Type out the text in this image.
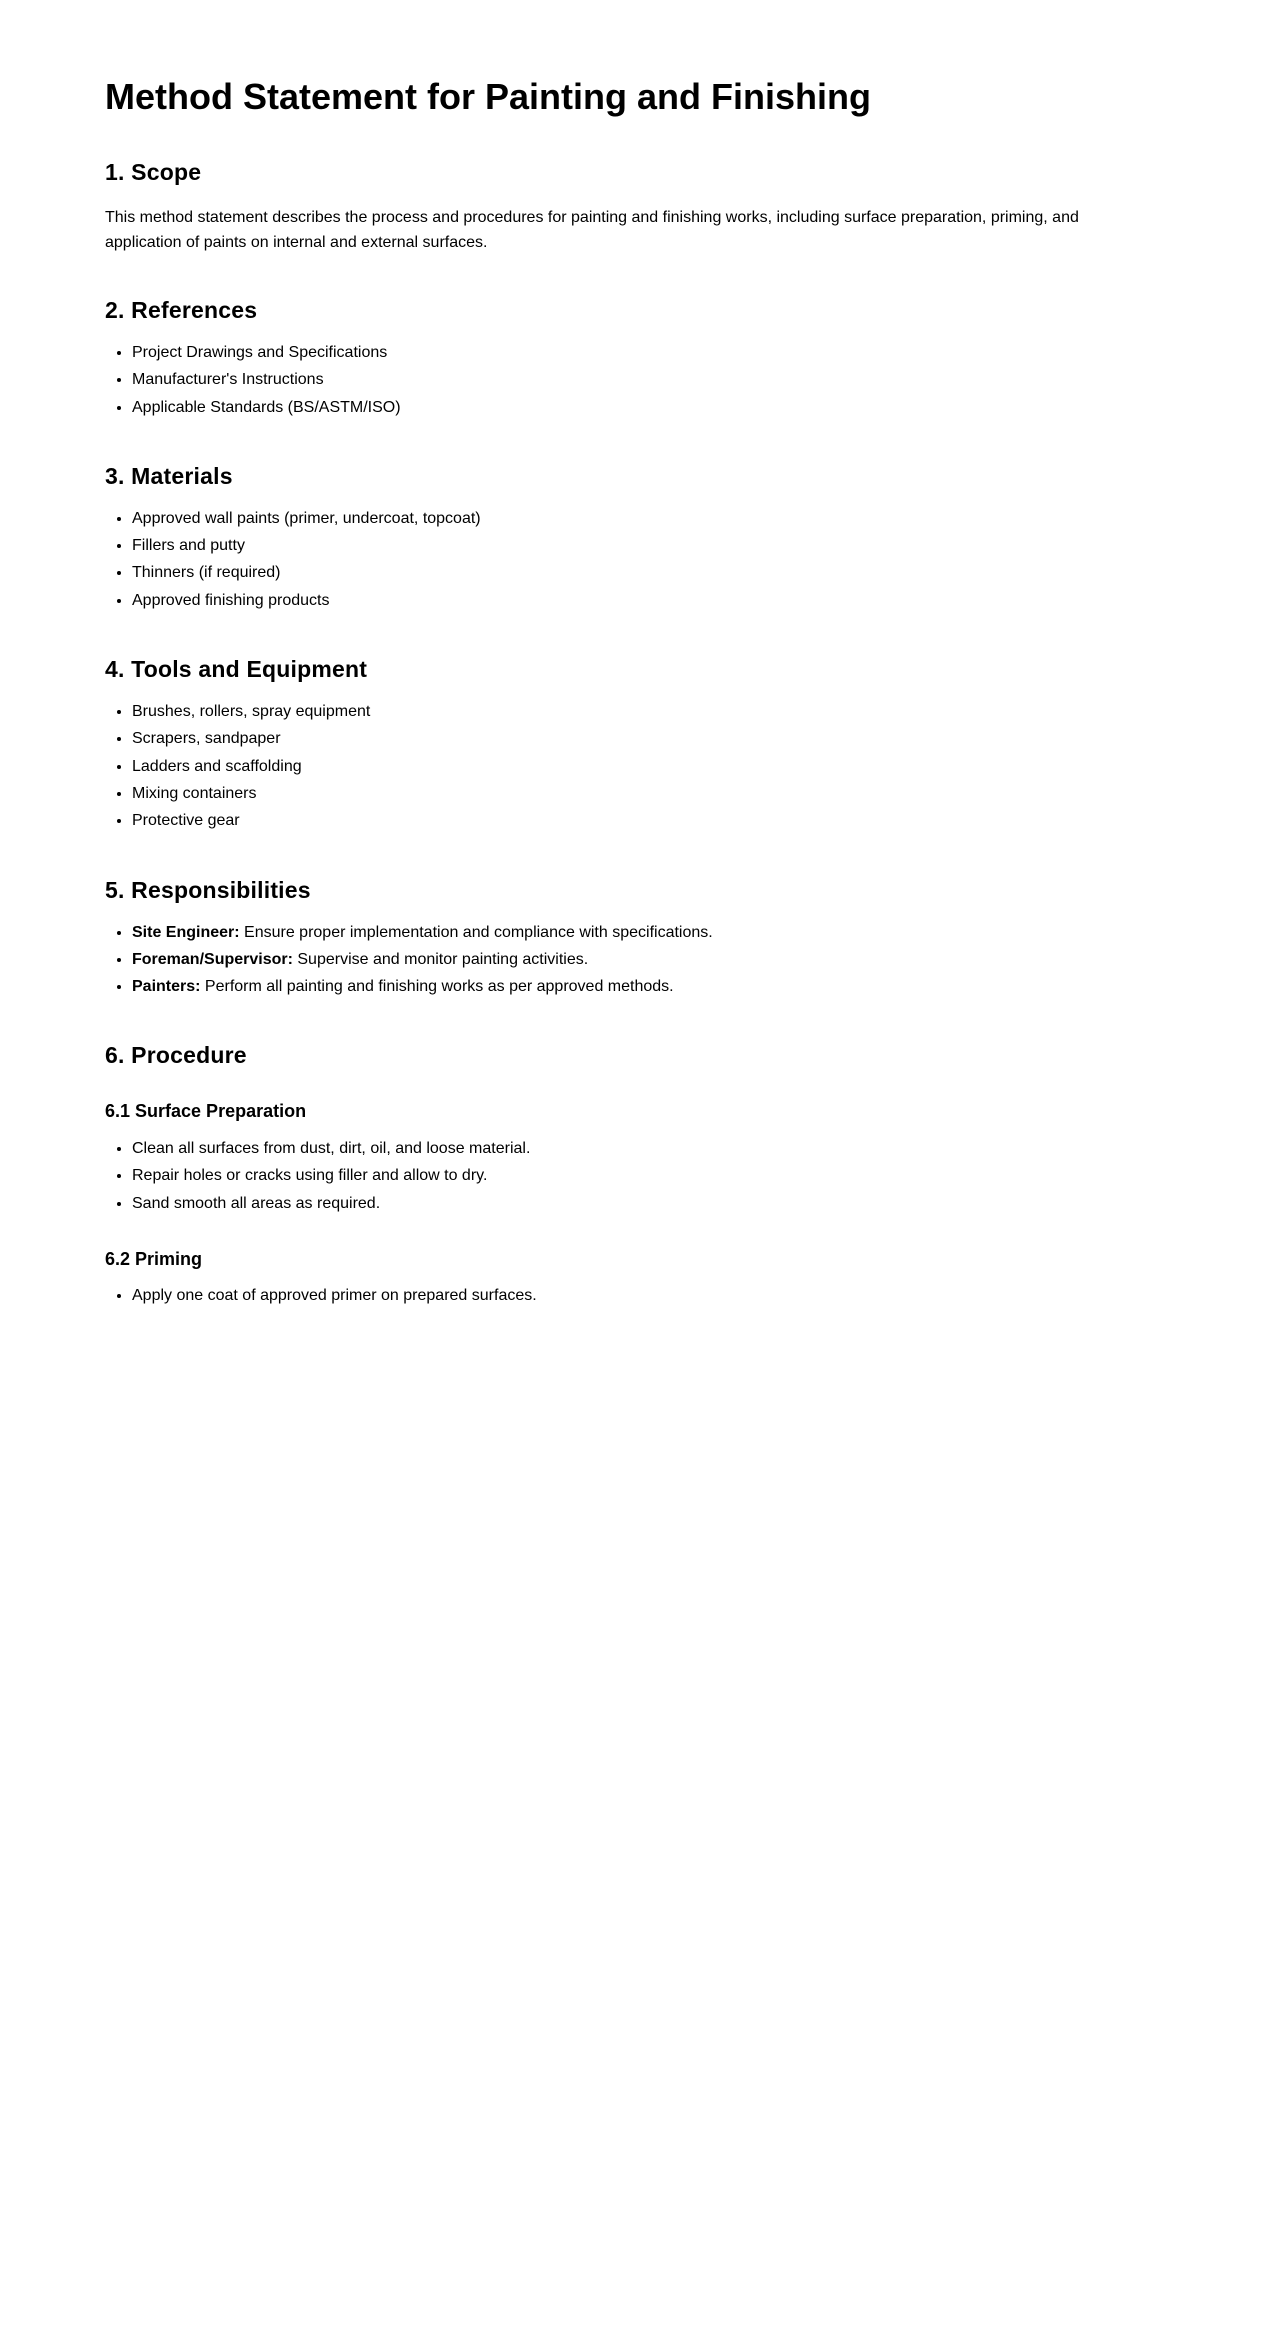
Method Statement for Painting and Finishing
1. Scope

This method statement describes the process and procedures for painting and finishing works, including surface preparation, priming, and application of paints on internal and external surfaces.

2. References
• Project Drawings and Specifications
• Manufacturer's Instructions
• Applicable Standards (BS/ASTM/ISO)
3. Materials
• Approved wall paints (primer, undercoat, topcoat)
• Fillers and putty
• Thinners (if required)
• Approved finishing products
4. Tools and Equipment
• Brushes, rollers, spray equipment
• Scrapers, sandpaper
• Ladders and scaffolding
• Mixing containers
• Protective gear
5. Responsibilities
• Site Engineer: Ensure proper implementation and compliance with specifications.
• Foreman/Supervisor: Supervise and monitor painting activities.
• Painters: Perform all painting and finishing works as per approved methods.
6. Procedure
6.1 Surface Preparation
• Clean all surfaces from dust, dirt, oil, and loose material.
• Repair holes or cracks using filler and allow to dry.
• Sand smooth all areas as required.
6.2 Priming
• Apply one coat of approved primer on prepared surfaces.
